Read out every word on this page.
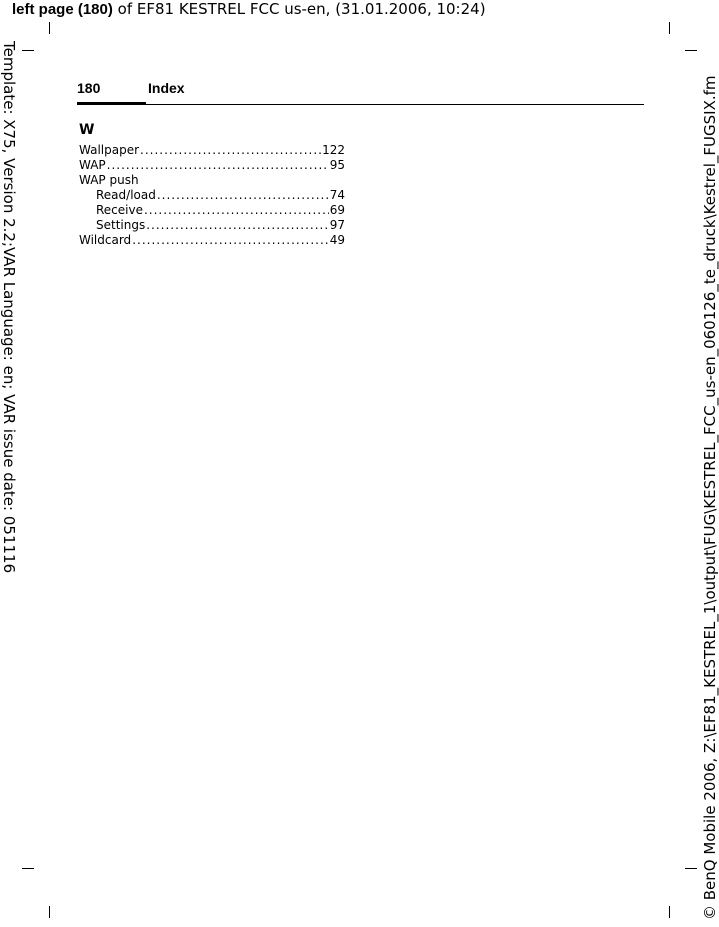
left page (180) of EF81 KESTREL FCC us-en, (31.01.2006, 10:24)
Template: X75, Version 2.2;VAR Language: en; VAR issue date: 051116	© BenQ Mobile 2006, Z:\EF81_KESTREL_1\output\FUG\KESTREL_FCC_us-en_060126_te_druck\Kestrel_FUGSIX.fm
180	Index
W
Wallpaper .....	122
WAP .....	95
WAP push
Read/load .....	74
Receive .....	69
Settings .....	97
Wildcard .....	49
